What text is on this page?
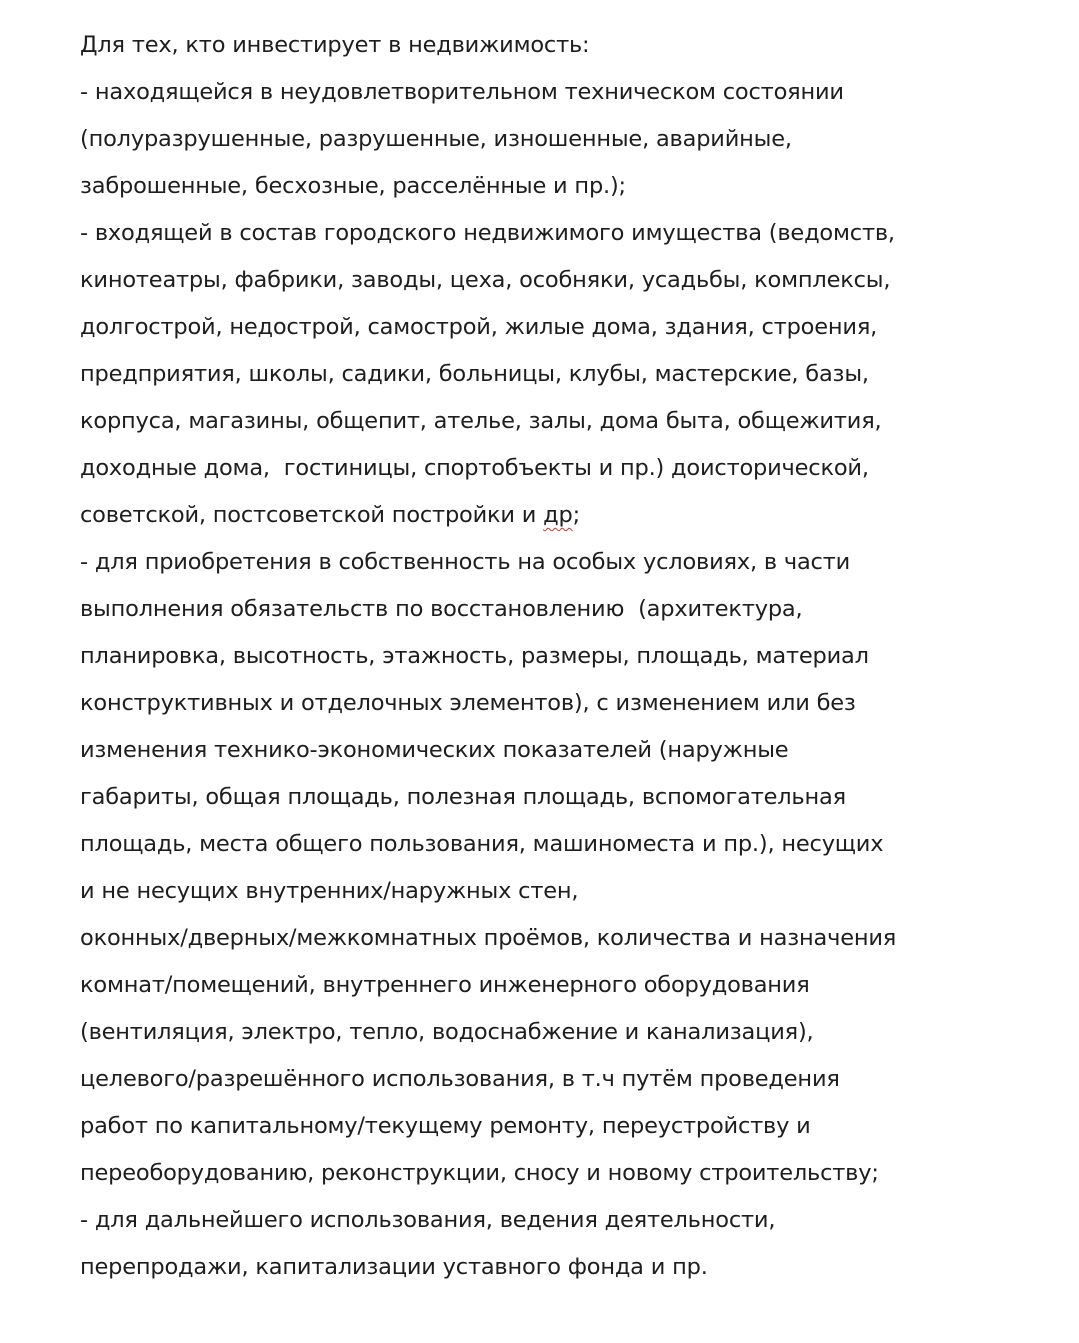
Для тех, кто инвестирует в недвижимость:
- находящейся в неудовлетворительном техническом состоянии
(полуразрушенные, разрушенные, изношенные, аварийные,
заброшенные, бесхозные, расселённые и пр.);
- входящей в состав городского недвижимого имущества (ведомств,
кинотеатры, фабрики, заводы, цеха, особняки, усадьбы, комплексы,
долгострой, недострой, самострой, жилые дома, здания, строения,
предприятия, школы, садики, больницы, клубы, мастерские, базы,
корпуса, магазины, общепит, ателье, залы, дома быта, общежития,
доходные дома,  гостиницы, спортобъекты и пр.) доисторической,
советской, постсоветской постройки и др;
- для приобретения в собственность на особых условиях, в части
выполнения обязательств по восстановлению  (архитектура,
планировка, высотность, этажность, размеры, площадь, материал
конструктивных и отделочных элементов), с изменением или без
изменения технико-экономических показателей (наружные
габариты, общая площадь, полезная площадь, вспомогательная
площадь, места общего пользования, машиноместа и пр.), несущих
и не несущих внутренних/наружных стен,
оконных/дверных/межкомнатных проёмов, количества и назначения
комнат/помещений, внутреннего инженерного оборудования
(вентиляция, электро, тепло, водоснабжение и канализация),
целевого/разрешённого использования, в т.ч путём проведения
работ по капитальному/текущему ремонту, переустройству и
переоборудованию, реконструкции, сносу и новому строительству;
- для дальнейшего использования, ведения деятельности,
перепродажи, капитализации уставного фонда и пр.
